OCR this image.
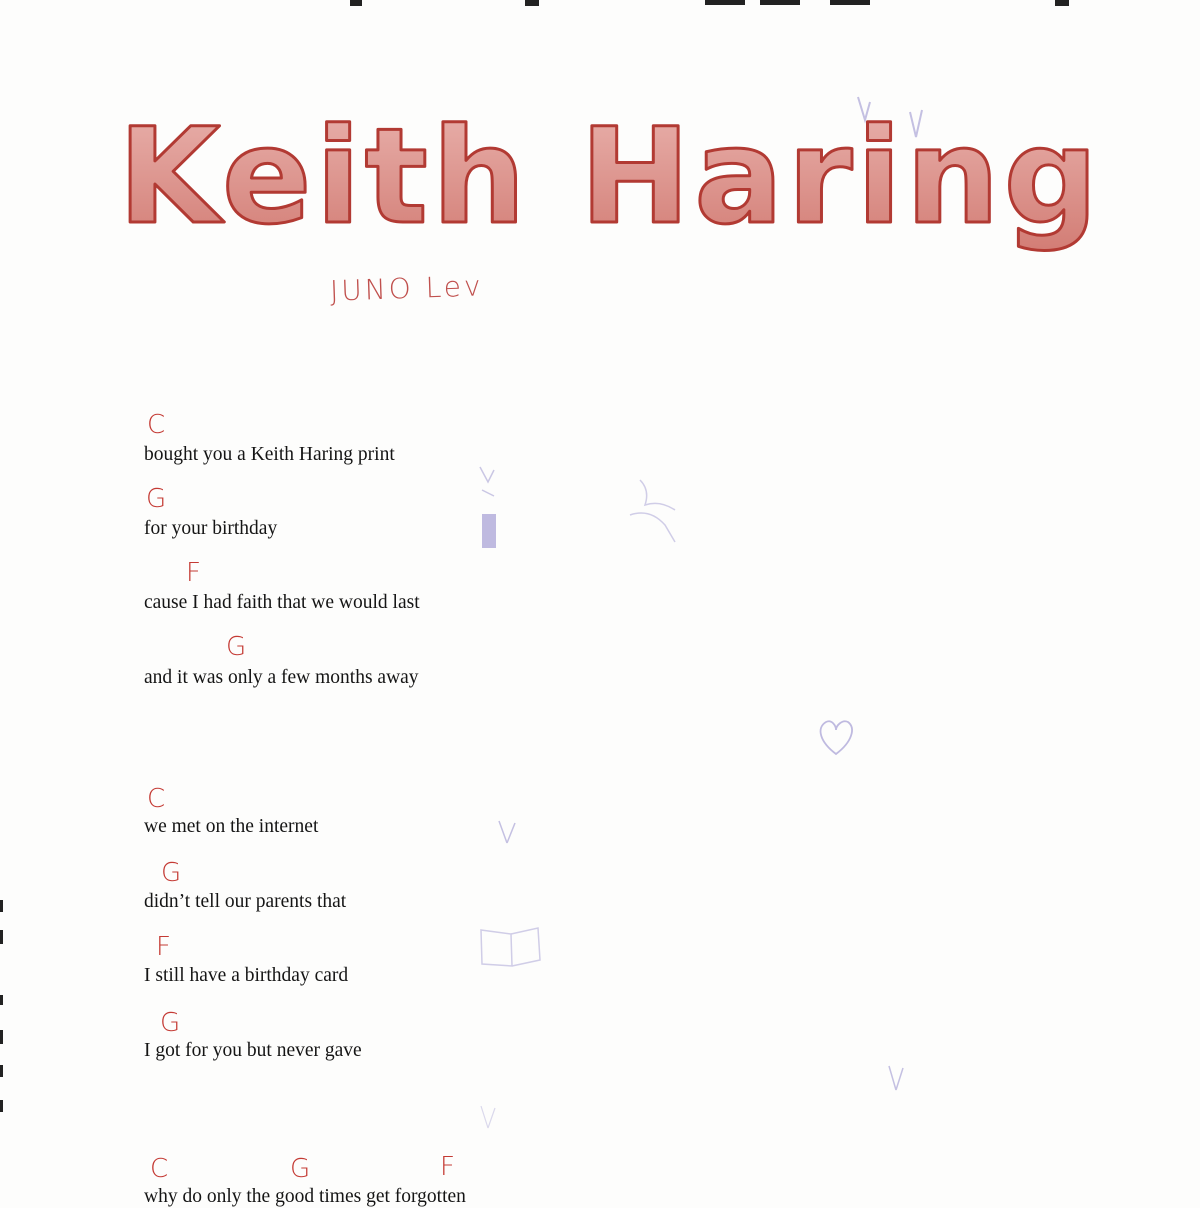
Keith Haring
JUNO Lev
C
bought you a Keith Haring print
G
for your birthday
F
cause I had faith that we would last
G
and it was only a few months away
C
we met on the internet
G
didn’t tell our parents that
F
I still have a birthday card
G
I got for you but never gave
C	G	F
why do only the good times get forgotten
